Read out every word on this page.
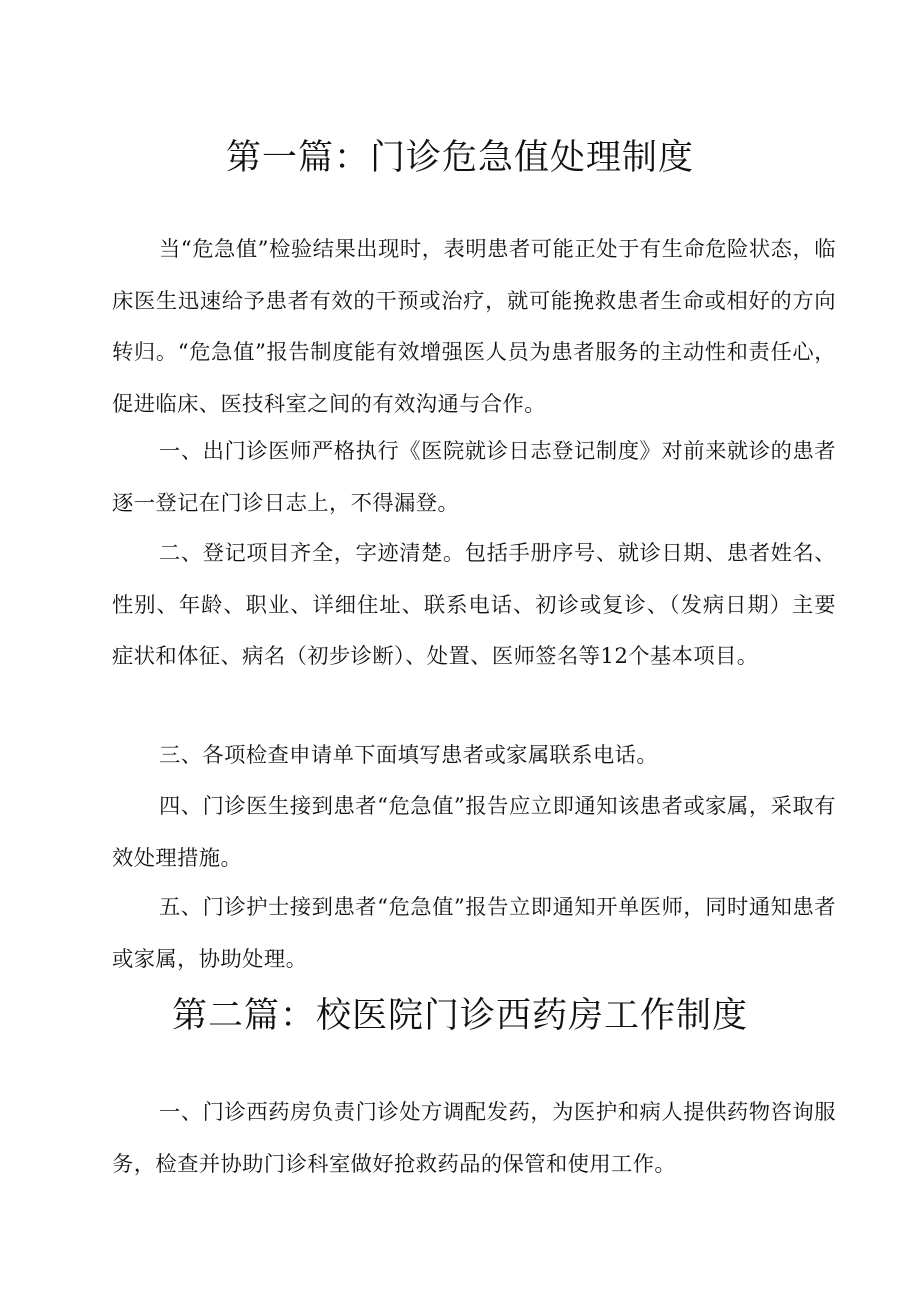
第一篇：门诊危急值处理制度

当“危急值”检验结果出现时，表明患者可能正处于有生命危险状态，临床医生迅速给予患者有效的干预或治疗，就可能挽救患者生命或相好的方向转归。“危急值”报告制度能有效增强医人员为患者服务的主动性和责任心，促进临床、医技科室之间的有效沟通与合作。

一、出门诊医师严格执行《医院就诊日志登记制度》对前来就诊的患者逐一登记在门诊日志上，不得漏登。

二、登记项目齐全，字迹清楚。包括手册序号、就诊日期、患者姓名、性别、年龄、职业、详细住址、联系电话、初诊或复诊、（发病日期）主要症状和体征、病名（初步诊断）、处置、医师签名等12个基本项目。

三、各项检查申请单下面填写患者或家属联系电话。

四、门诊医生接到患者“危急值”报告应立即通知该患者或家属，采取有效处理措施。

五、门诊护士接到患者“危急值”报告立即通知开单医师，同时通知患者或家属，协助处理。

第二篇：校医院门诊西药房工作制度

一、门诊西药房负责门诊处方调配发药，为医护和病人提供药物咨询服务，检查并协助门诊科室做好抢救药品的保管和使用工作。
